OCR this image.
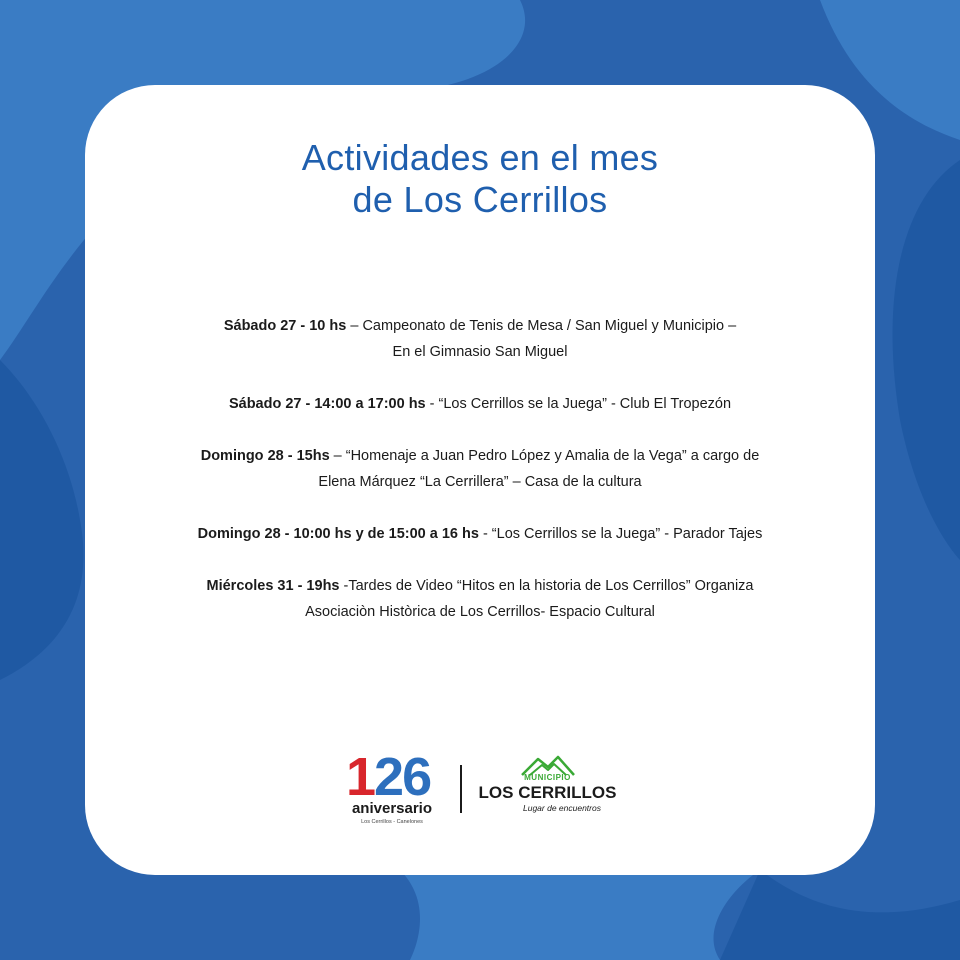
Actividades en el mes
de Los Cerrillos

Sábado 27 - 10 hs – Campeonato de Tenis de Mesa / San Miguel y Municipio –
En el Gimnasio San Miguel

Sábado 27 - 14:00 a 17:00 hs - “Los Cerrillos se la Juega” - Club El Tropezón

Domingo 28 - 15hs – “Homenaje a Juan Pedro López y Amalia de la Vega” a cargo de
Elena Márquez “La Cerrillera” – Casa de la cultura

Domingo 28 - 10:00 hs y de 15:00 a 16 hs - “Los Cerrillos se la Juega” - Parador Tajes

Miércoles 31 - 19hs -Tardes de Video “Hitos en la historia de Los Cerrillos” Organiza
Asociaciòn Històrica de Los Cerrillos- Espacio Cultural

126
aniversario
Los Cerrillos - Canelones
MUNICIPIO
LOS CERRILLOS
Lugar de encuentros
